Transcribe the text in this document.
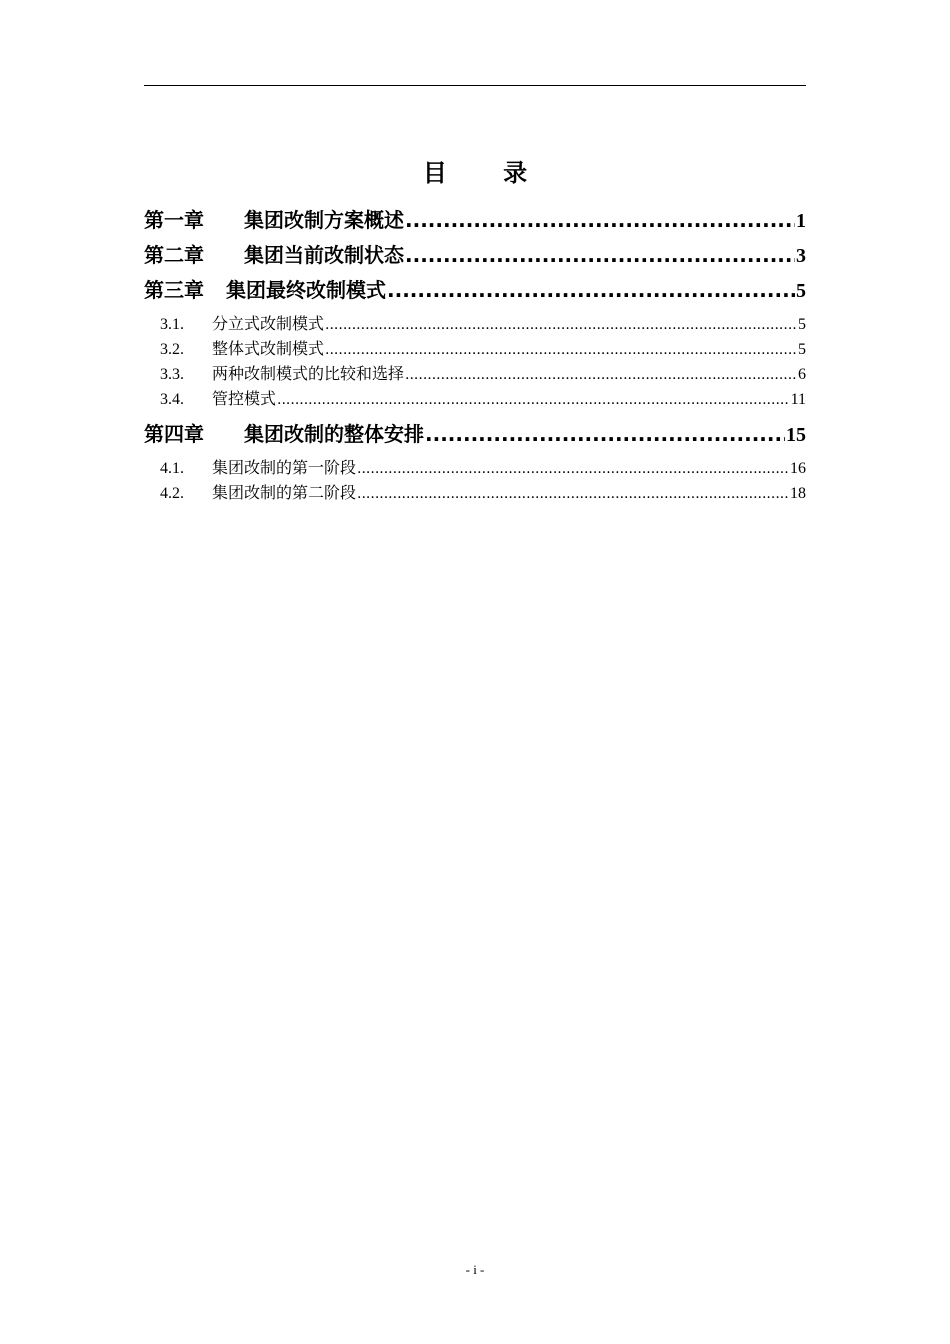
目 录
第一章	集团改制方案概述 .....	1
第二章	集团当前改制状态 .....	3
第三章	集团最终改制模式 .....	5
3.1.	分立式改制模式 .....	5
3.2.	整体式改制模式 .....	5
3.3.	两种改制模式的比较和选择 .....	6
3.4.	管控模式 .....	11
第四章	集团改制的整体安排 .....	15
4.1.	集团改制的第一阶段 .....	16
4.2.	集团改制的第二阶段 .....	18
- i -
